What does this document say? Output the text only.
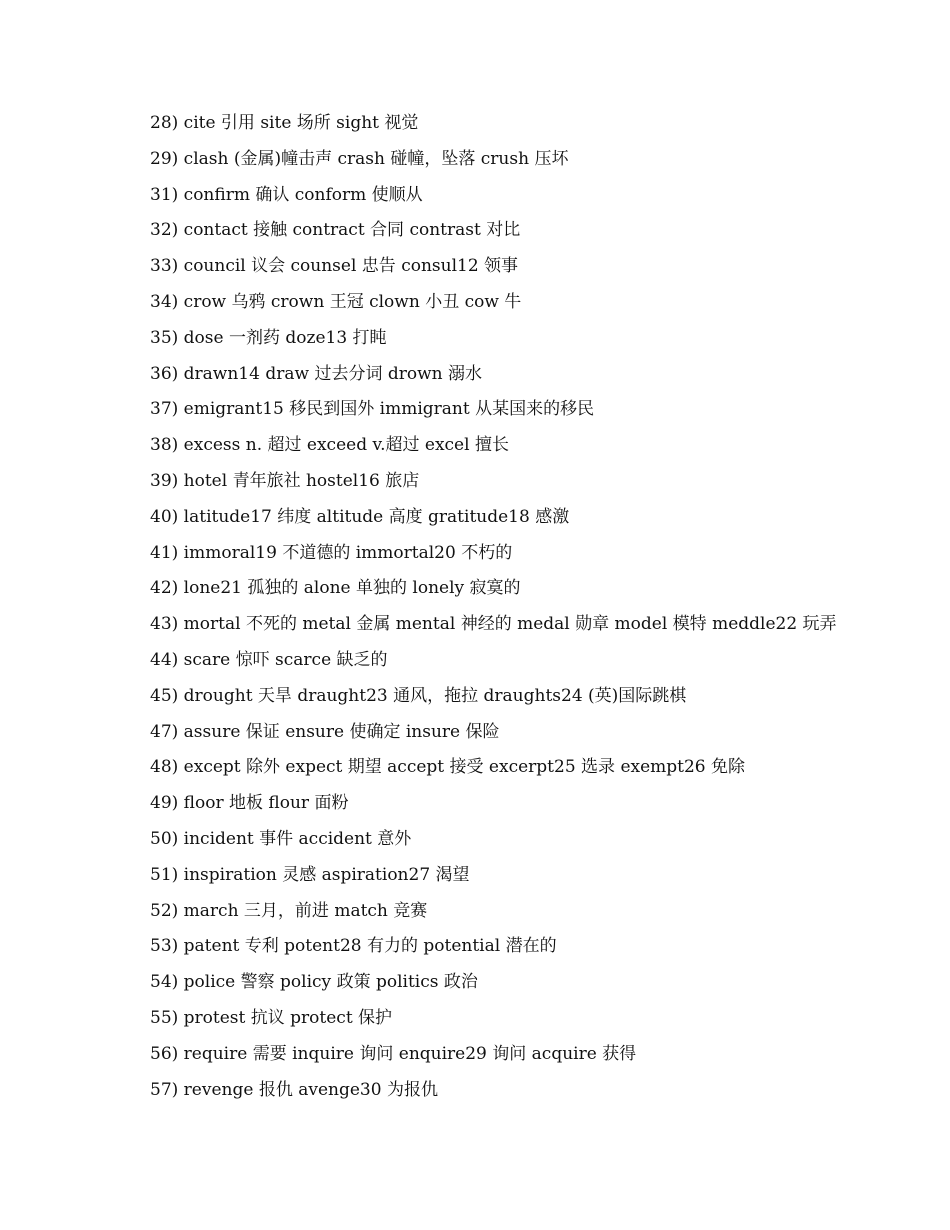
28) cite 引用 site 场所 sight 视觉
29) clash (金属)幢击声 crash 碰幢，坠落 crush 压坏
31) confirm 确认 conform 使顺从
32) contact 接触 contract 合同 contrast 对比
33) council 议会 counsel 忠告 consul12 领事
34) crow 乌鸦 crown 王冠 clown 小丑 cow 牛
35) dose 一剂药 doze13 打盹
36) drawn14 draw 过去分词 drown 溺水
37) emigrant15 移民到国外 immigrant 从某国来的移民
38) excess n. 超过 exceed v.超过 excel 擅长
39) hotel 青年旅社 hostel16 旅店
40) latitude17 纬度 altitude 高度 gratitude18 感激
41) immoral19 不道德的 immortal20 不朽的
42) lone21 孤独的 alone 单独的 lonely 寂寞的
43) mortal 不死的 metal 金属 mental 神经的 medal 勋章 model 模特 meddle22 玩弄
44) scare 惊吓 scarce 缺乏的
45) drought 天旱 draught23 通风，拖拉 draughts24 (英)国际跳棋
47) assure 保证 ensure 使确定 insure 保险
48) except 除外 expect 期望 accept 接受 excerpt25 选录 exempt26 免除
49) floor 地板 flour 面粉
50) incident 事件 accident 意外
51) inspiration 灵感 aspiration27 渴望
52) march 三月，前进 match 竞赛
53) patent 专利 potent28 有力的 potential 潜在的
54) police 警察 policy 政策 politics 政治
55) protest 抗议 protect 保护
56) require 需要 inquire 询问 enquire29 询问 acquire 获得
57) revenge 报仇 avenge30 为报仇
